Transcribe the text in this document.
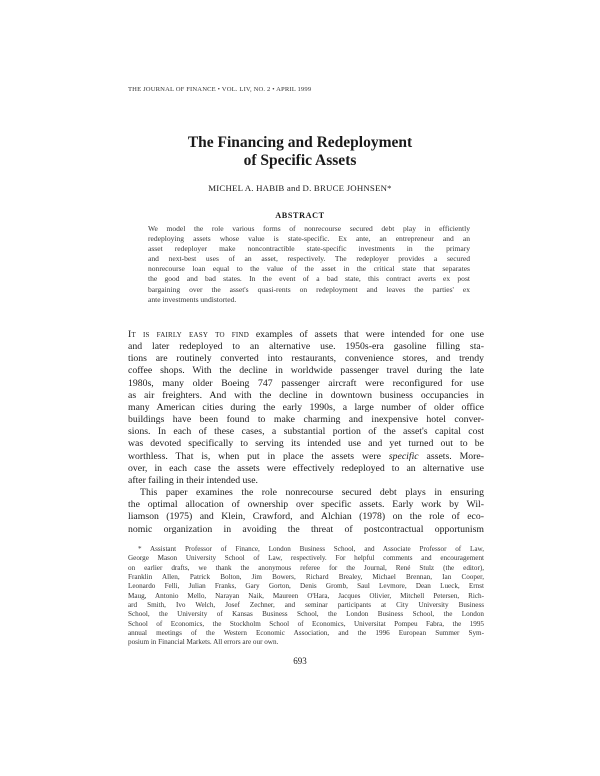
THE JOURNAL OF FINANCE • VOL. LIV, NO. 2 • APRIL 1999
The Financing and Redeployment
of Specific Assets
MICHEL A. HABIB and D. BRUCE JOHNSEN*
ABSTRACT

We model the role various forms of nonrecourse secured debt play in efficiently
redeploying assets whose value is state-specific. Ex ante, an entrepreneur and an
asset redeployer make noncontractible state-specific investments in the primary
and next-best uses of an asset, respectively. The redeployer provides a secured
nonrecourse loan equal to the value of the asset in the critical state that separates
the good and bad states. In the event of a bad state, this contract averts ex post
bargaining over the asset's quasi-rents on redeployment and leaves the parties' ex
ante investments undistorted.

It is fairly easy to find examples of assets that were intended for one use
and later redeployed to an alternative use. 1950s-era gasoline filling sta-
tions are routinely converted into restaurants, convenience stores, and trendy
coffee shops. With the decline in worldwide passenger travel during the late
1980s, many older Boeing 747 passenger aircraft were reconfigured for use
as air freighters. And with the decline in downtown business occupancies in
many American cities during the early 1990s, a large number of older office
buildings have been found to make charming and inexpensive hotel conver-
sions. In each of these cases, a substantial portion of the asset's capital cost
was devoted specifically to serving its intended use and yet turned out to be
worthless. That is, when put in place the assets were specific assets. More-
over, in each case the assets were effectively redeployed to an alternative use
after failing in their intended use.
This paper examines the role nonrecourse secured debt plays in ensuring
the optimal allocation of ownership over specific assets. Early work by Wil-
liamson (1975) and Klein, Crawford, and Alchian (1978) on the role of eco-
nomic organization in avoiding the threat of postcontractual opportunism
* Assistant Professor of Finance, London Business School, and Associate Professor of Law,
George Mason University School of Law, respectively. For helpful comments and encouragement
on earlier drafts, we thank the anonymous referee for the Journal, René Stulz (the editor),
Franklin Allen, Patrick Bolton, Jim Bowers, Richard Brealey, Michael Brennan, Ian Cooper,
Leonardo Felli, Julian Franks, Gary Gorton, Denis Gromb, Saul Levmore, Dean Lueck, Ernst
Maug, Antonio Mello, Narayan Naik, Maureen O'Hara, Jacques Olivier, Mitchell Petersen, Rich-
ard Smith, Ivo Welch, Josef Zechner, and seminar participants at City University Business
School, the University of Kansas Business School, the London Business School, the London
School of Economics, the Stockholm School of Economics, Universitat Pompeu Fabra, the 1995
annual meetings of the Western Economic Association, and the 1996 European Summer Sym-
posium in Financial Markets. All errors are our own.
693
